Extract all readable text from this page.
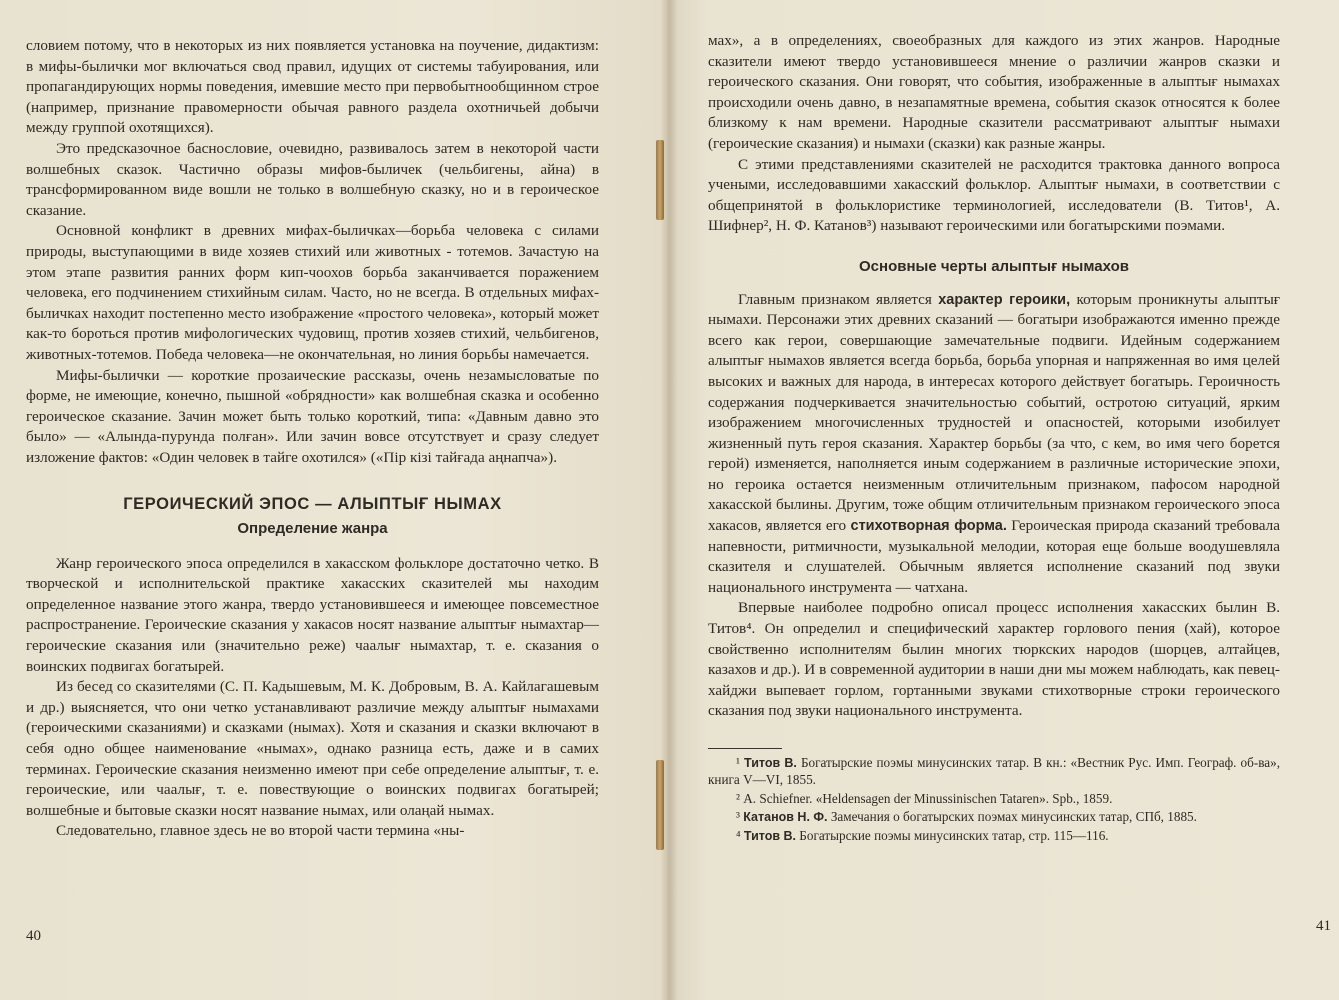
словием потому, что в некоторых из них появляется установка на поучение, дидактизм: в мифы-былички мог включаться свод правил, идущих от системы табуирования, или пропагандирующих нормы поведения, имевшие место при первобытнообщинном строе (например, признание правомерности обычая равного раздела охотничьей добычи между группой охотящихся).

Это предсказочное баснословие, очевидно, развивалось затем в некоторой части волшебных сказок. Частично образы мифов-быличек (чельбигены, айна) в трансформированном виде вошли не только в волшебную сказку, но и в героическое сказание.

Основной конфликт в древних мифах-быличках—борьба человека с силами природы, выступающими в виде хозяев стихий или животных - тотемов. Зачастую на этом этапе развития ранних форм кип-чоохов борьба заканчивается поражением человека, его подчинением стихийным силам. Часто, но не всегда. В отдельных мифах-быличках находит постепенно место изображение «простого человека», который может как-то бороться против мифологических чудовищ, против хозяев стихий, чельбигенов, животных-тотемов. Победа человека—не окончательная, но линия борьбы намечается.

Мифы-былички — короткие прозаические рассказы, очень незамысловатые по форме, не имеющие, конечно, пышной «обрядности» как волшебная сказка и особенно героическое сказание. Зачин может быть только короткий, типа: «Давным давно это было» — «Алында-пурунда полған». Или зачин вовсе отсутствует и сразу следует изложение фактов: «Один человек в тайге охотился» («Пір кізі тайғада аңнапча»).

ГЕРОИЧЕСКИЙ ЭПОС — АЛЫПТЫҒ НЫМАХ
Определение жанра

Жанр героического эпоса определился в хакасском фольклоре достаточно четко. В творческой и исполнительской практике хакасских сказителей мы находим определенное название этого жанра, твердо установившееся и имеющее повсеместное распространение. Героические сказания у хакасов носят название алыптығ нымахтар—героические сказания или (значительно реже) чаалығ нымахтар, т. е. сказания о воинских подвигах богатырей.

Из бесед со сказителями (С. П. Кадышевым, М. К. Добровым, В. А. Кайлагашевым и др.) выясняется, что они четко устанавливают различие между алыптығ нымахами (героическими сказаниями) и сказками (нымах). Хотя и сказания и сказки включают в себя одно общее наименование «нымах», однако разница есть, даже и в самих терминах. Героические сказания неизменно имеют при себе определение алыптығ, т. е. героические, или чаалығ, т. е. повествующие о воинских подвигах богатырей; волшебные и бытовые сказки носят название нымах, или олаңай нымах.

Следовательно, главное здесь не во второй части термина «ны-

40

мах», а в определениях, своеобразных для каждого из этих жанров. Народные сказители имеют твердо установившееся мнение о различии жанров сказки и героического сказания. Они говорят, что события, изображенные в алыптығ нымахах происходили очень давно, в незапамятные времена, события сказок относятся к более близкому к нам времени. Народные сказители рассматривают алыптығ нымахи (героические сказания) и нымахи (сказки) как разные жанры.

С этими представлениями сказителей не расходится трактовка данного вопроса учеными, исследовавшими хакасский фольклор. Алыптығ нымахи, в соответствии с общепринятой в фольклористике терминологией, исследователи (В. Титов¹, А. Шифнер², Н. Ф. Катанов³) называют героическими или богатырскими поэмами.

Основные черты алыптығ нымахов

Главным признаком является характер героики, которым проникнуты алыптығ нымахи. Персонажи этих древних сказаний — богатыри изображаются именно прежде всего как герои, совершающие замечательные подвиги. Идейным содержанием алыптығ нымахов является всегда борьба, борьба упорная и напряженная во имя целей высоких и важных для народа, в интересах которого действует богатырь. Героичность содержания подчеркивается значительностью событий, остротою ситуаций, ярким изображением многочисленных трудностей и опасностей, которыми изобилует жизненный путь героя сказания. Характер борьбы (за что, с кем, во имя чего борется герой) изменяется, наполняется иным содержанием в различные исторические эпохи, но героика остается неизменным отличительным признаком, пафосом народной хакасской былины. Другим, тоже общим отличительным признаком героического эпоса хакасов, является его стихотворная форма. Героическая природа сказаний требовала напевности, ритмичности, музыкальной мелодии, которая еще больше воодушевляла сказителя и слушателей. Обычным является исполнение сказаний под звуки национального инструмента — чатхана.

Впервые наиболее подробно описал процесс исполнения хакасских былин В. Титов⁴. Он определил и специфический характер горлового пения (хай), которое свойственно исполнителям былин многих тюркских народов (шорцев, алтайцев, казахов и др.). И в современной аудитории в наши дни мы можем наблюдать, как певец-хайджи выпевает горлом, гортанными звуками стихотворные строки героического сказания под звуки национального инструмента.

¹ Титов В. Богатырские поэмы минусинских татар. В кн.: «Вестник Рус. Имп. Географ. об-ва», книга V—VI, 1855.

² А. Schiefner. «Heldensagen der Minussinischen Tataren». Spb., 1859.

³ Катанов Н. Ф. Замечания о богатырских поэмах минусинских татар, СПб, 1885.

⁴ Титов В. Богатырские поэмы минусинских татар, стр. 115—116.

41
